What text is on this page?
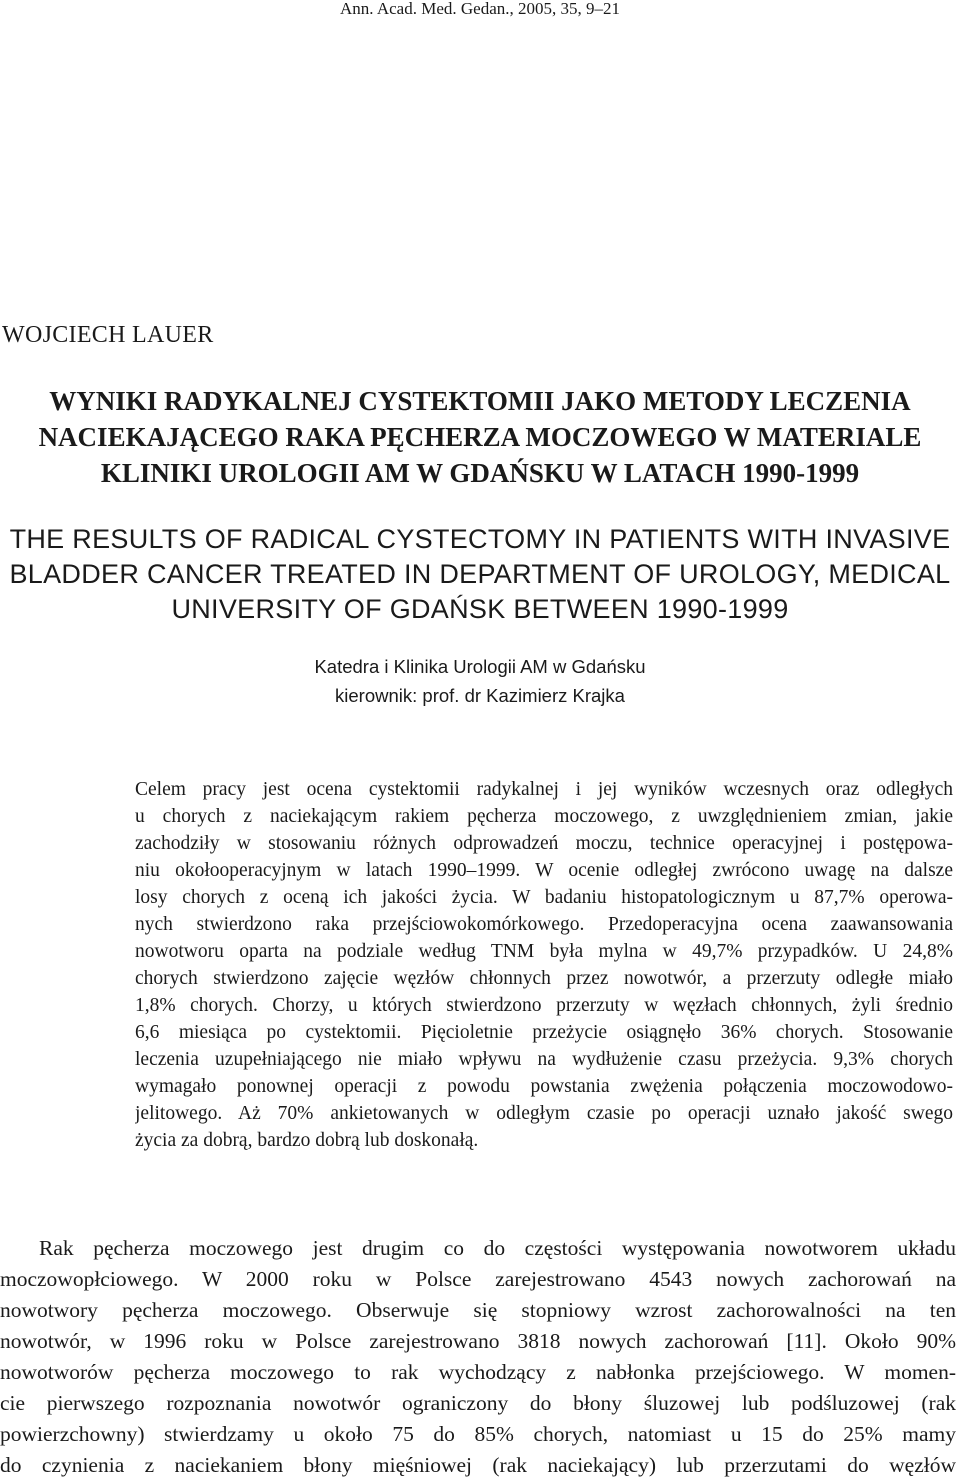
Ann. Acad. Med. Gedan., 2005, 35, 9–21

WOJCIECH LAUER

WYNIKI RADYKALNEJ CYSTEKTOMII JAKO METODY LECZENIA

NACIEKAJĄCEGO RAKA PĘCHERZA MOCZOWEGO W MATERIALE

KLINIKI UROLOGII AM W GDAŃSKU W LATACH 1990-1999

THE RESULTS OF RADICAL CYSTECTOMY IN PATIENTS WITH INVASIVE

BLADDER CANCER TREATED IN DEPARTMENT OF UROLOGY, MEDICAL

UNIVERSITY OF GDAŃSK BETWEEN 1990-1999

Katedra i Klinika Urologii AM w Gdańsku

kierownik: prof. dr Kazimierz Krajka

Celem pracy jest ocena cystektomii radykalnej i jej wyników wczesnych oraz odległych

u chorych z naciekającym rakiem pęcherza moczowego, z uwzględnieniem zmian, jakie

zachodziły w stosowaniu różnych odprowadzeń moczu, technice operacyjnej i postępowa-

niu okołooperacyjnym w latach 1990–1999. W ocenie odległej zwrócono uwagę na dalsze

losy chorych z oceną ich jakości życia. W badaniu histopatologicznym u 87,7% operowa-

nych stwierdzono raka przejściowokomórkowego. Przedoperacyjna ocena zaawansowania

nowotworu oparta na podziale według TNM była mylna w 49,7% przypadków. U 24,8%

chorych stwierdzono zajęcie węzłów chłonnych przez nowotwór, a przerzuty odległe miało

1,8% chorych. Chorzy, u których stwierdzono przerzuty w węzłach chłonnych, żyli średnio

6,6 miesiąca po cystektomii. Pięcioletnie przeżycie osiągnęło 36% chorych. Stosowanie

leczenia uzupełniającego nie miało wpływu na wydłużenie czasu przeżycia. 9,3% chorych

wymagało ponownej operacji z powodu powstania zwężenia połączenia moczowodowo-

jelitowego. Aż 70% ankietowanych w odległym czasie po operacji uznało jakość swego

życia za dobrą, bardzo dobrą lub doskonałą.

Rak pęcherza moczowego jest drugim co do częstości występowania nowotworem układu

moczowopłciowego. W 2000 roku w Polsce zarejestrowano 4543 nowych zachorowań na

nowotwory pęcherza moczowego. Obserwuje się stopniowy wzrost zachorowalności na ten

nowotwór, w 1996 roku w Polsce zarejestrowano 3818 nowych zachorowań [11]. Około 90%

nowotworów pęcherza moczowego to rak wychodzący z nabłonka przejściowego. W momen-

cie pierwszego rozpoznania nowotwór ograniczony do błony śluzowej lub podśluzowej (rak

powierzchowny) stwierdzamy u około 75 do 85% chorych, natomiast u 15 do 25% mamy

do czynienia z naciekaniem błony mięśniowej (rak naciekający) lub przerzutami do węzłów
